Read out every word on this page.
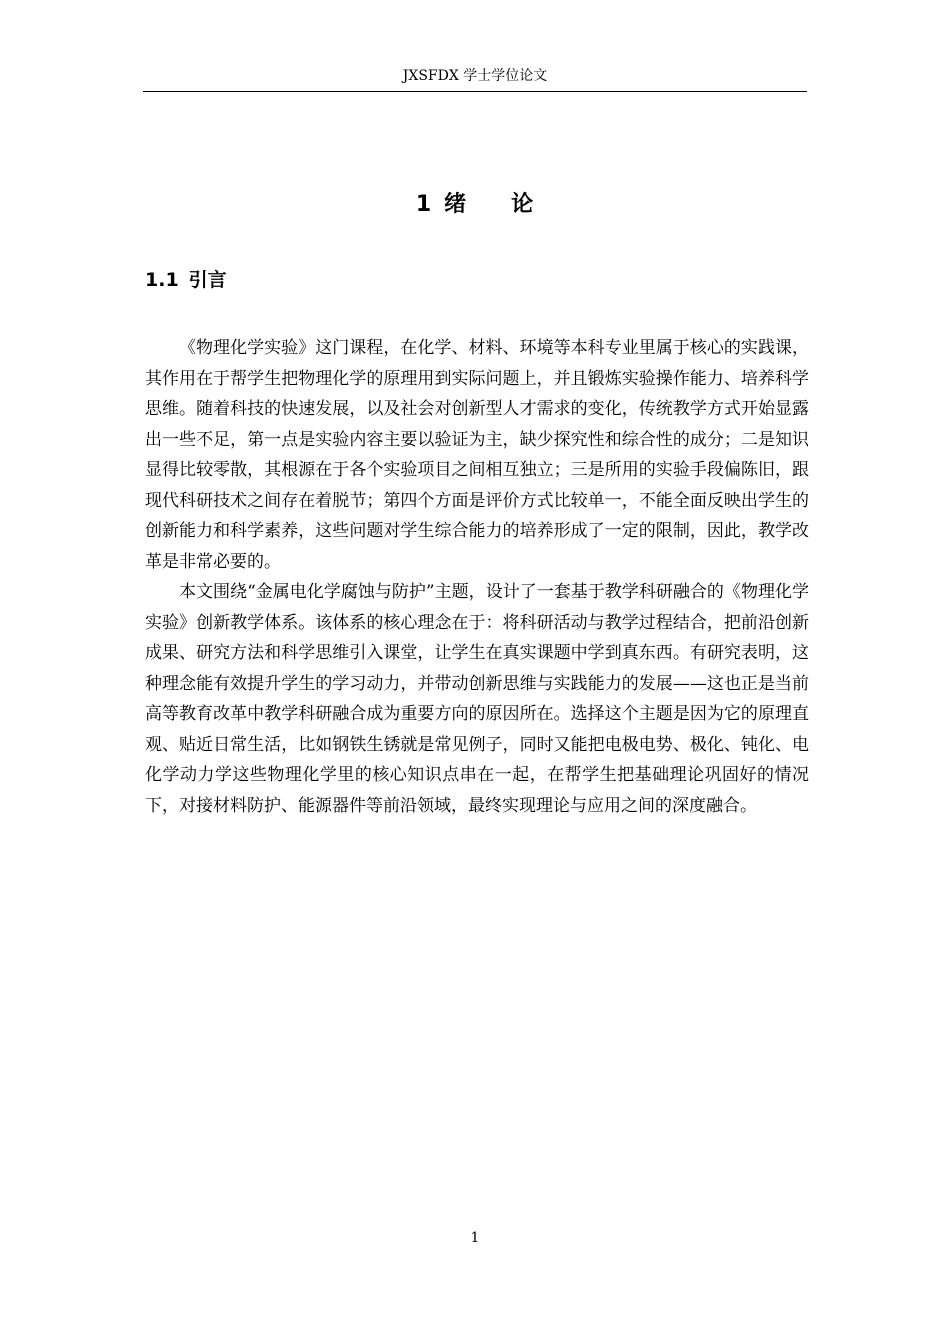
JXSFDX 学士学位论文
1 绪 论
1.1 引言

《物理化学实验》这门课程，在化学、材料、环境等本科专业里属于核心的实践课，其作用在于帮学生把物理化学的原理用到实际问题上，并且锻炼实验操作能力、培养科学思维。随着科技的快速发展，以及社会对创新型人才需求的变化，传统教学方式开始显露出一些不足，第一点是实验内容主要以验证为主，缺少探究性和综合性的成分；二是知识显得比较零散，其根源在于各个实验项目之间相互独立；三是所用的实验手段偏陈旧，跟现代科研技术之间存在着脱节；第四个方面是评价方式比较单一，不能全面反映出学生的创新能力和科学素养，这些问题对学生综合能力的培养形成了一定的限制，因此，教学改革是非常必要的。

本文围绕“金属电化学腐蚀与防护”主题，设计了一套基于教学科研融合的《物理化学实验》创新教学体系。该体系的核心理念在于：将科研活动与教学过程结合，把前沿创新成果、研究方法和科学思维引入课堂，让学生在真实课题中学到真东西。有研究表明，这种理念能有效提升学生的学习动力，并带动创新思维与实践能力的发展——这也正是当前高等教育改革中教学科研融合成为重要方向的原因所在。选择这个主题是因为它的原理直观、贴近日常生活，比如钢铁生锈就是常见例子，同时又能把电极电势、极化、钝化、电化学动力学这些物理化学里的核心知识点串在一起，在帮学生把基础理论巩固好的情况下，对接材料防护、能源器件等前沿领域，最终实现理论与应用之间的深度融合。

1
